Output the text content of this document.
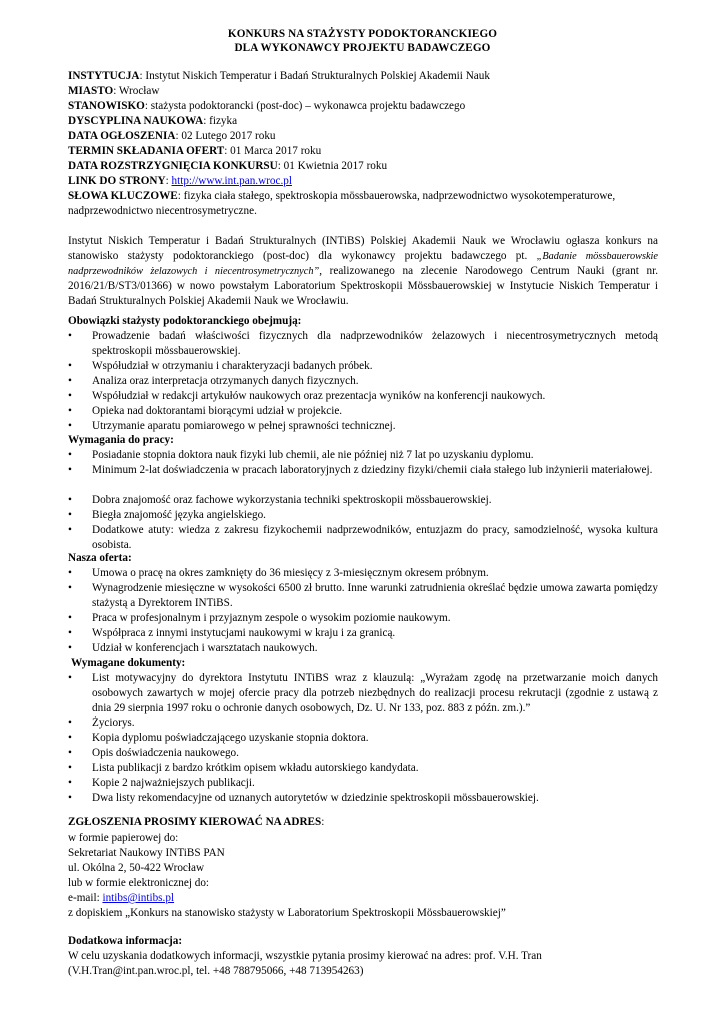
KONKURS NA STAŻYSTY PODOKTORANCKIEGO
DLA WYKONAWCY PROJEKTU BADAWCZEGO
INSTYTUCJA: Instytut Niskich Temperatur i Badań Strukturalnych Polskiej Akademii Nauk
MIASTO: Wrocław
STANOWISKO: stażysta podoktorancki (post-doc) – wykonawca projektu badawczego
DYSCYPLINA NAUKOWA: fizyka
DATA OGŁOSZENIA: 02 Lutego 2017 roku
TERMIN SKŁADANIA OFERT: 01 Marca 2017 roku
DATA ROZSTRZYGNIĘCIA KONKURSU: 01 Kwietnia 2017 roku
LINK DO STRONY: http://www.int.pan.wroc.pl
SŁOWA KLUCZOWE: fizyka ciała stałego, spektroskopia mössbauerowska, nadprzewodnictwo wysokotemperaturowe,
nadprzewodnictwo niecentrosymetryczne.
Instytut Niskich Temperatur i Badań Strukturalnych (INTiBS) Polskiej Akademii Nauk we Wrocławiu ogłasza konkurs na stanowisko stażysty podoktoranckiego (post-doc) dla wykonawcy projektu badawczego pt. „Badanie mössbauerowskie nadprzewodników żelazowych i niecentrosymetrycznych”, realizowanego na zlecenie Narodowego Centrum Nauki (grant nr. 2016/21/B/ST3/01366) w nowo powstałym Laboratorium Spektroskopii Mössbauerowskiej w Instytucie Niskich Temperatur i Badań Strukturalnych Polskiej Akademii Nauk we Wrocławiu.
Obowiązki stażysty podoktoranckiego obejmują:
•	Prowadzenie badań właściwości fizycznych dla nadprzewodników żelazowych i niecentrosymetrycznych metodą spektroskopii mössbauerowskiej.
•	Współudział w otrzymaniu i charakteryzacji badanych próbek.
•	Analiza oraz interpretacja otrzymanych danych fizycznych.
•	Współudział w redakcji artykułów naukowych oraz prezentacja wyników na konferencji naukowych.
•	Opieka nad doktorantami biorącymi udział w projekcie.
•	Utrzymanie aparatu pomiarowego w pełnej sprawności technicznej.
Wymagania do pracy:
•	Posiadanie stopnia doktora nauk fizyki lub chemii, ale nie później niż 7 lat po uzyskaniu dyplomu.
•	Minimum 2-lat doświadczenia w pracach laboratoryjnych z dziedziny fizyki/chemii ciała stałego lub inżynierii materiałowej.
•	Dobra znajomość oraz fachowe wykorzystania techniki spektroskopii mössbauerowskiej.
•	Biegła znajomość języka angielskiego.
•	Dodatkowe atuty: wiedza z zakresu fizykochemii nadprzewodników, entuzjazm do pracy, samodzielność, wysoka kultura osobista.
Nasza oferta:
•	Umowa o pracę na okres zamknięty do 36 miesięcy z 3-miesięcznym okresem próbnym.
•	Wynagrodzenie miesięczne w wysokości 6500 zł brutto. Inne warunki zatrudnienia określać będzie umowa zawarta pomiędzy stażystą a Dyrektorem INTiBS.
•	Praca w profesjonalnym i przyjaznym zespole o wysokim poziomie naukowym.
•	Współpraca z innymi instytucjami naukowymi w kraju i za granicą.
•	Udział w konferencjach i warsztatach naukowych.
Wymagane dokumenty:
•	List motywacyjny do dyrektora Instytutu INTiBS wraz z klauzulą: „Wyrażam zgodę na przetwarzanie moich danych osobowych zawartych w mojej ofercie pracy dla potrzeb niezbędnych do realizacji procesu rekrutacji (zgodnie z ustawą z dnia 29 sierpnia 1997 roku o ochronie danych osobowych, Dz. U. Nr 133, poz. 883 z późn. zm.).”
•	Życiorys.
•	Kopia dyplomu poświadczającego uzyskanie stopnia doktora.
•	Opis doświadczenia naukowego.
•	Lista publikacji z bardzo krótkim opisem wkładu autorskiego kandydata.
•	Kopie 2 najważniejszych publikacji.
•	Dwa listy rekomendacyjne od uznanych autorytetów w dziedzinie spektroskopii mössbauerowskiej.
ZGŁOSZENIA PROSIMY KIEROWAĆ NA ADRES:
w formie papierowej do:
Sekretariat Naukowy INTiBS PAN
ul. Okólna 2, 50-422 Wrocław
lub w formie elektronicznej do:
e-mail: intibs@intibs.pl
z dopiskiem „Konkurs na stanowisko stażysty w Laboratorium Spektroskopii Mössbauerowskiej”
Dodatkowa informacja:
W celu uzyskania dodatkowych informacji, wszystkie pytania prosimy kierować na adres: prof. V.H. Tran
(V.H.Tran@int.pan.wroc.pl, tel. +48 788795066, +48 713954263)
